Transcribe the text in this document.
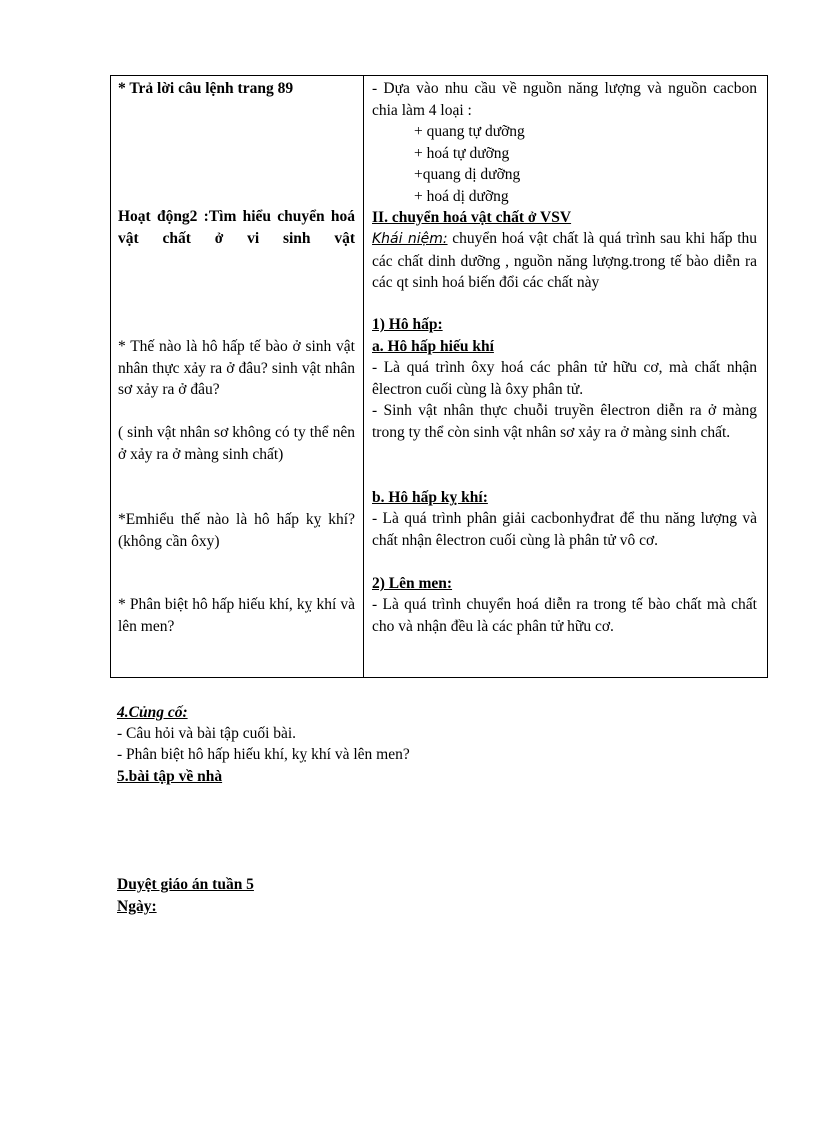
* Trả lời câu lệnh trang 89
Hoạt động2 :Tìm hiểu chuyển hoá vật chất ở vi sinh vật
* Thế nào là hô hấp tế bào ở sinh vật nhân thực xảy ra ở đâu? sinh vật nhân sơ xảy ra ở đâu?
( sinh vật nhân sơ không có ty thể nên ở xảy ra ở màng sinh chất)
*Emhiểu thế nào là hô hấp kỵ khí?(không cần ôxy)
* Phân biệt hô hấp hiếu khí, kỵ khí và lên men?
- Dựa vào nhu cầu về nguồn năng lượng và nguồn cacbon chia làm 4 loại :
+ quang tự dưỡng
+ hoá tự dưỡng
+quang dị dưỡng
+ hoá dị dưỡng
II. chuyển hoá vật chất ở VSV
Khái niệm: chuyển hoá vật chất là quá trình sau khi hấp thu các chất dinh dưỡng , nguồn năng lượng.trong tế bào diễn ra các qt sinh hoá biến đổi các chất này
1) Hô hấp:
a. Hô hấp hiếu khí
- Là quá trình ôxy hoá các phân tử hữu cơ, mà chất nhận êlectron cuối cùng là ôxy phân tử.
- Sinh vật nhân thực chuỗi truyền êlectron diễn ra ở màng trong ty thể còn sinh vật nhân sơ xảy ra ở màng sinh chất.
b. Hô hấp kỵ khí:
- Là quá trình phân giải cacbonhyđrat để thu năng lượng và chất nhận êlectron cuối cùng là phân tử vô cơ.
2) Lên men:
- Là quá trình chuyển hoá diễn ra trong tế bào chất mà chất cho và nhận đều là các phân tử hữu cơ.
4.Củng cố:
- Câu hỏi và bài tập cuối bài.
- Phân biệt hô hấp hiếu khí, kỵ khí và lên men?
5.bài tập về nhà
Duyệt giáo án tuần 5
Ngày:
